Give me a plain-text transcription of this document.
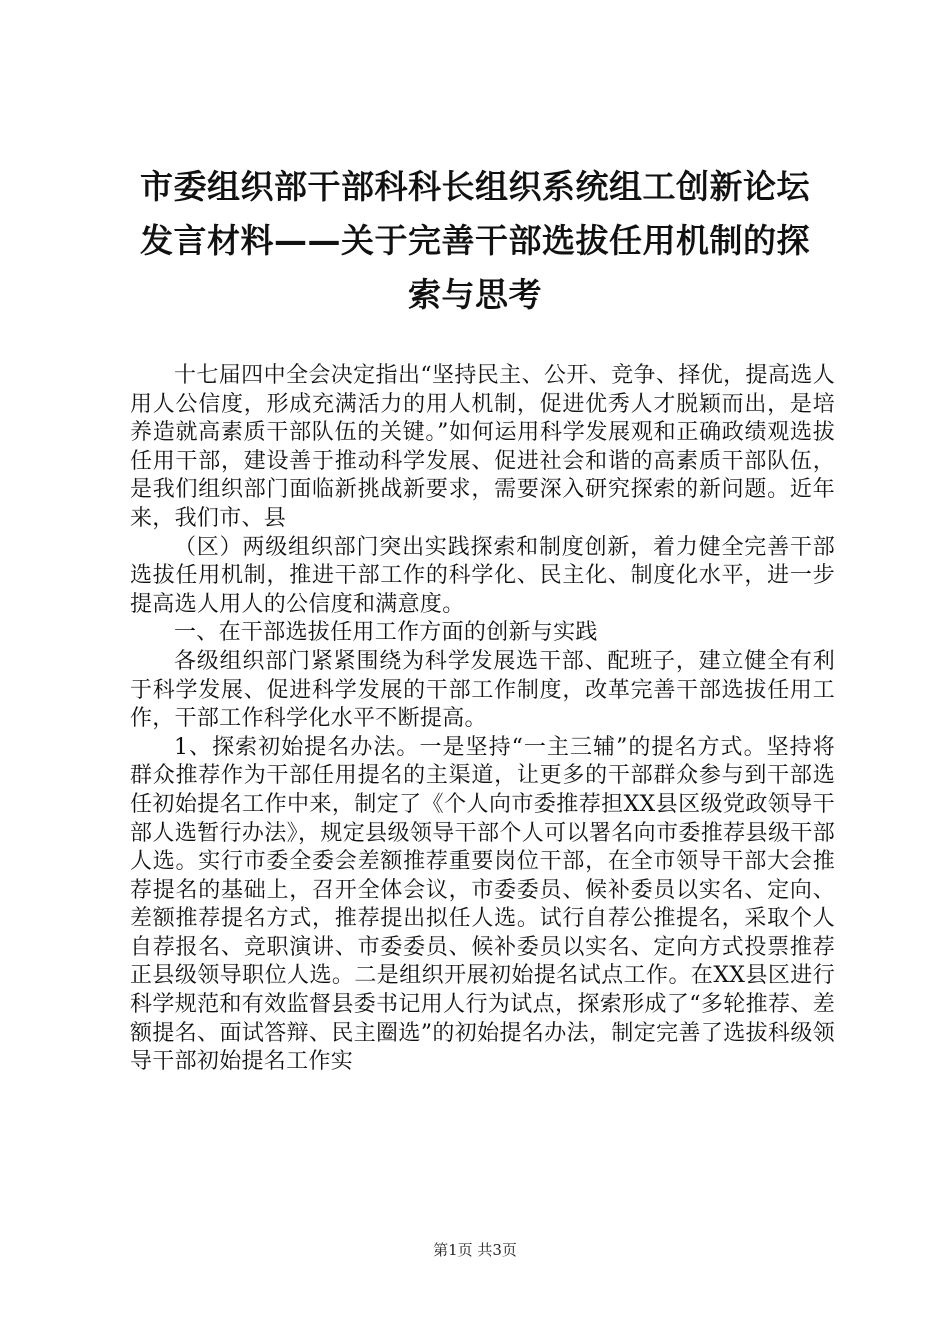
市委组织部干部科科长组织系统组工创新论坛
发言材料——关于完善干部选拔任用机制的探
索与思考

十七届四中全会决定指出“坚持民主、公开、竞争、择优，提高选人用人公信度，形成充满活力的用人机制，促进优秀人才脱颖而出，是培养造就高素质干部队伍的关键。”如何运用科学发展观和正确政绩观选拔任用干部，建设善于推动科学发展、促进社会和谐的高素质干部队伍，是我们组织部门面临新挑战新要求，需要深入研究探索的新问题。近年来，我们市、县

（区）两级组织部门突出实践探索和制度创新，着力健全完善干部选拔任用机制，推进干部工作的科学化、民主化、制度化水平，进一步提高选人用人的公信度和满意度。

一、在干部选拔任用工作方面的创新与实践

各级组织部门紧紧围绕为科学发展选干部、配班子，建立健全有利于科学发展、促进科学发展的干部工作制度，改革完善干部选拔任用工作，干部工作科学化水平不断提高。

1、探索初始提名办法。一是坚持“一主三辅”的提名方式。坚持将群众推荐作为干部任用提名的主渠道，让更多的干部群众参与到干部选任初始提名工作中来，制定了《个人向市委推荐担XX县区级党政领导干部人选暂行办法》，规定县级领导干部个人可以署名向市委推荐县级干部人选。实行市委全委会差额推荐重要岗位干部，在全市领导干部大会推荐提名的基础上，召开全体会议，市委委员、候补委员以实名、定向、差额推荐提名方式，推荐提出拟任人选。试行自荐公推提名，采取个人自荐报名、竞职演讲、市委委员、候补委员以实名、定向方式投票推荐正县级领导职位人选。二是组织开展初始提名试点工作。在XX县区进行科学规范和有效监督县委书记用人行为试点，探索形成了“多轮推荐、差额提名、面试答辩、民主圈选”的初始提名办法，制定完善了选拔科级领导干部初始提名工作实

第1页 共3页
